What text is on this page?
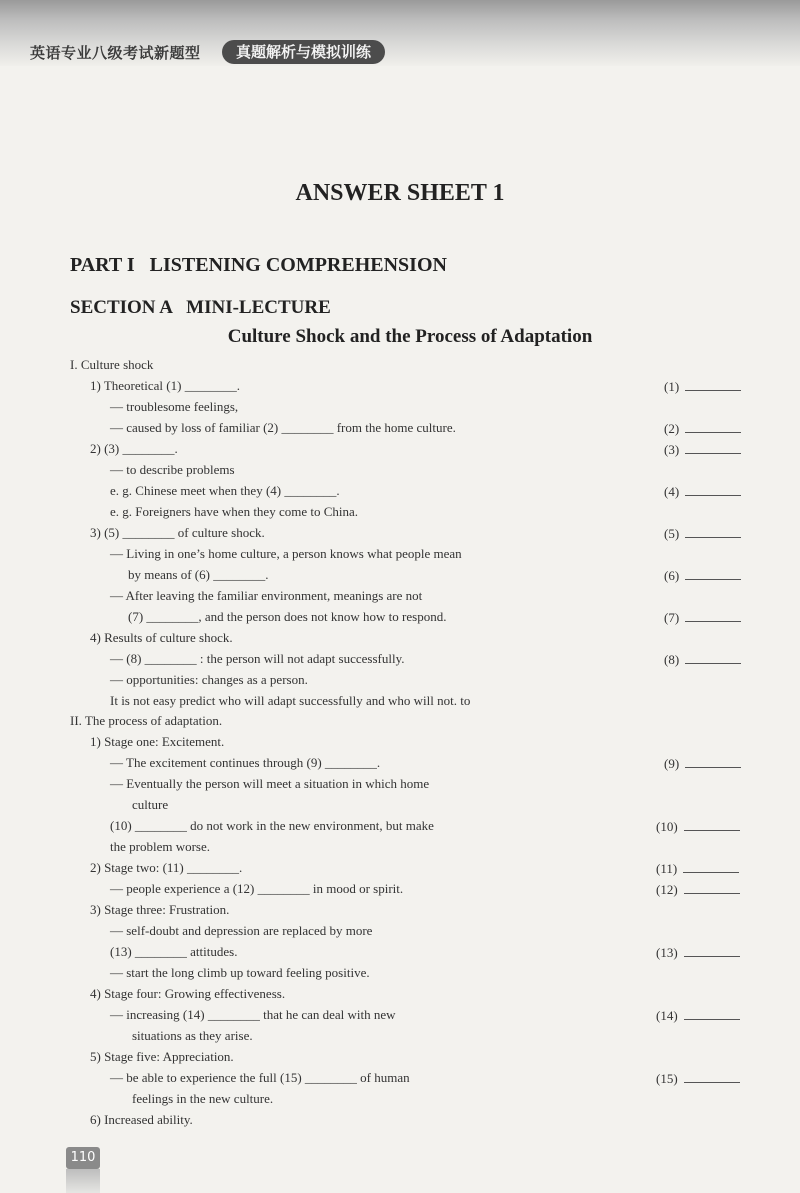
英语专业八级考试新题型	真题解析与模拟训练
ANSWER SHEET 1
PART I   LISTENING COMPREHENSION
SECTION A   MINI-LECTURE
Culture Shock and the Process of Adaptation
I. Culture shock
1) Theoretical (1) ________.
— troublesome feelings,
— caused by loss of familiar (2) ________ from the home culture.
2) (3) ________.
— to describe problems
e. g. Chinese meet when they (4) ________.
e. g. Foreigners have when they come to China.
3) (5) ________ of culture shock.
— Living in one’s home culture, a person knows what people mean
by means of (6) ________.
— After leaving the familiar environment, meanings are not
(7) ________, and the person does not know how to respond.
4) Results of culture shock.
— (8) ________ : the person will not adapt successfully.
— opportunities: changes as a person.
It is not easy predict who will adapt successfully and who will not. to
II. The process of adaptation.
1) Stage one: Excitement.
— The excitement continues through (9) ________.
— Eventually the person will meet a situation in which home
culture
(10) ________ do not work in the new environment, but make
the problem worse.
2) Stage two: (11) ________.
— people experience a (12) ________ in mood or spirit.
3) Stage three: Frustration.
— self-doubt and depression are replaced by more
(13) ________ attitudes.
— start the long climb up toward feeling positive.
4) Stage four: Growing effectiveness.
— increasing (14) ________ that he can deal with new
situations as they arise.
5) Stage five: Appreciation.
— be able to experience the full (15) ________ of human
feelings in the new culture.
6) Increased ability.
(1)
(2)
(3)
(4)
(5)
(6)
(7)
(8)
(9)
(10)
(11)
(12)
(13)
(14)
(15)
110
